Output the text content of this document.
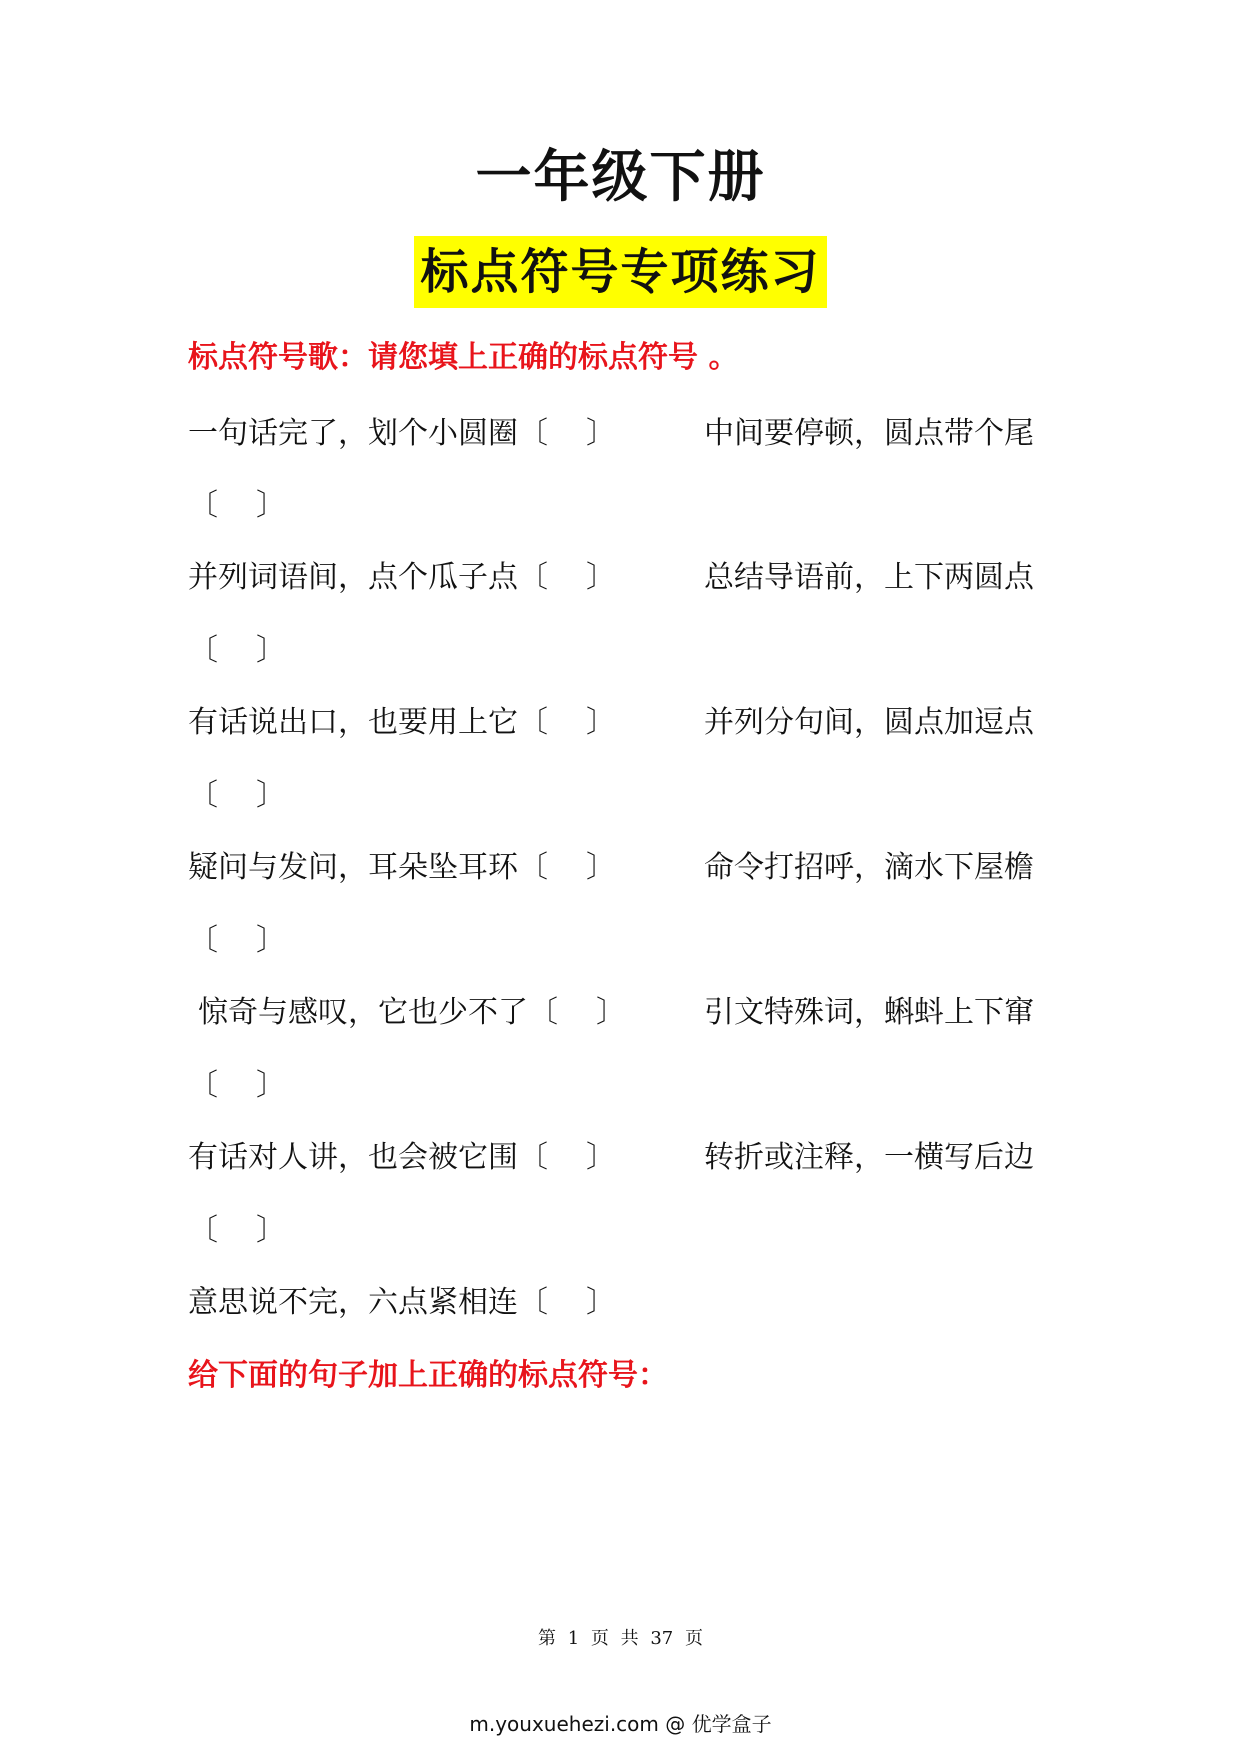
一年级下册
标点符号专项练习
标点符号歌：请您填上正确的标点符号 。
一句话完了，划个小圆圈 〔 〕	中间要停顿，圆点带个尾
〔 〕
并列词语间，点个瓜子点 〔 〕	总结导语前，上下两圆点
〔 〕
有话说出口，也要用上它 〔 〕	并列分句间，圆点加逗点
〔 〕
疑问与发问，耳朵坠耳环 〔 〕	命令打招呼，滴水下屋檐
〔 〕
惊奇与感叹，它也少不了 〔 〕	引文特殊词，蝌蚪上下窜
〔 〕
有话对人讲，也会被它围 〔 〕	转折或注释，一横写后边
〔 〕
意思说不完，六点紧相连 〔 〕
给下面的句子加上正确的标点符号：
第 1 页 共 37 页
m.youxuehezi.com @ 优学盒子
